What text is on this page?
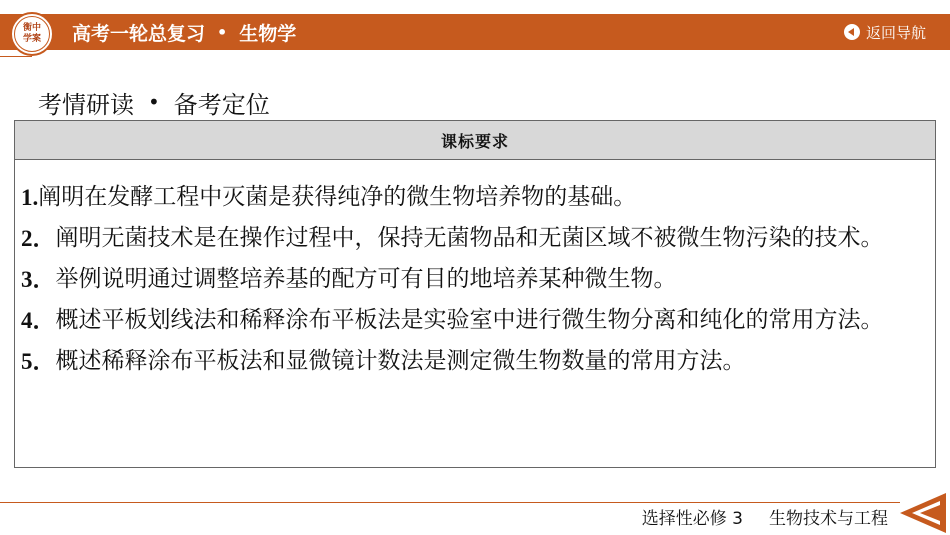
高考一轮总复习 • 生物学	返回导航
衡中
学案
考情研读 • 备考定位
课标要求
1. 阐明在发酵工程中灭菌是获得纯净的微生物培养物的基础。
2． 阐明无菌技术是在操作过程中，保持无菌物品和无菌区域不被微生物污染的技术。
3． 举例说明通过调整培养基的配方可有目的地培养某种微生物。
4． 概述平板划线法和稀释涂布平板法是实验室中进行微生物分离和纯化的常用方法。
5． 概述稀释涂布平板法和显微镜计数法是测定微生物数量的常用方法。
选择性必修 3 生物技术与工程
